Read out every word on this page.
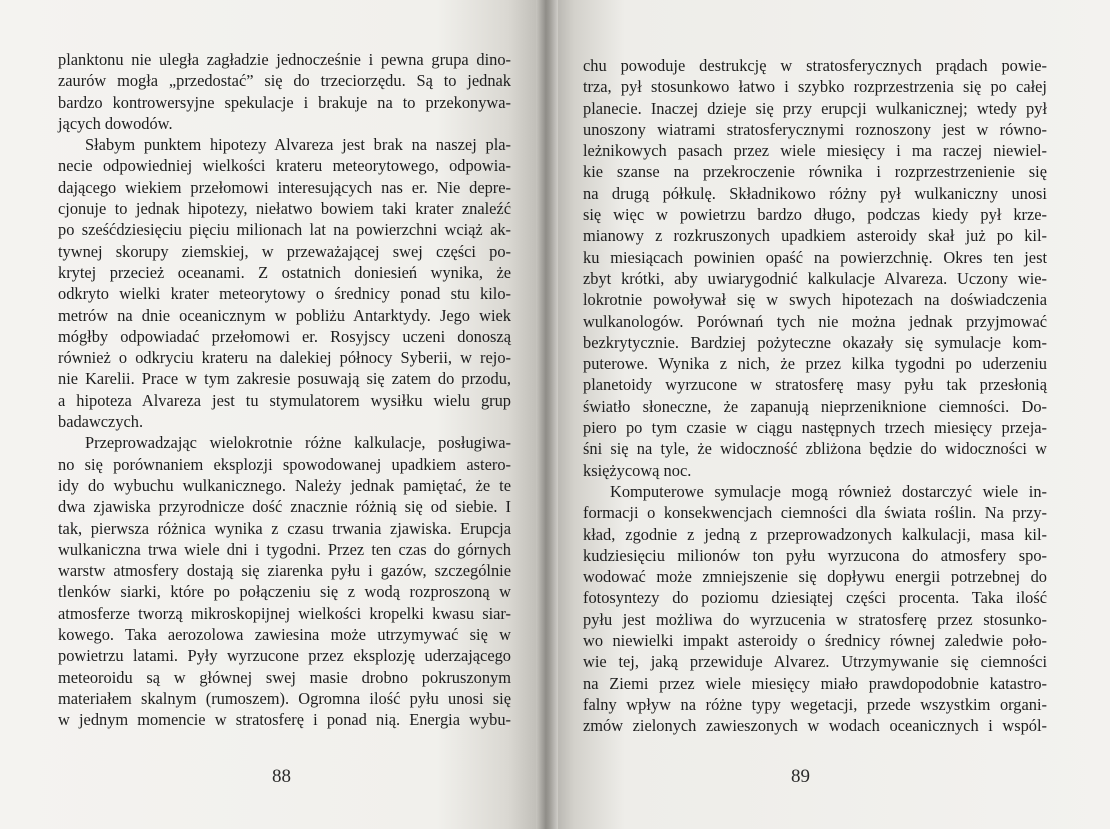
planktonu nie uległa zagładzie jednocześnie i pewna grupa dino-
zaurów mogła „przedostać” się do trzeciorzędu. Są to jednak
bardzo kontrowersyjne spekulacje i brakuje na to przekonywa-
jących dowodów.
Słabym punktem hipotezy Alvareza jest brak na naszej pla-
necie odpowiedniej wielkości krateru meteorytowego, odpowia-
dającego wiekiem przełomowi interesujących nas er. Nie depre-
cjonuje to jednak hipotezy, niełatwo bowiem taki krater znaleźć
po sześćdziesięciu pięciu milionach lat na powierzchni wciąż ak-
tywnej skorupy ziemskiej, w przeważającej swej części po-
krytej przecież oceanami. Z ostatnich doniesień wynika, że
odkryto wielki krater meteorytowy o średnicy ponad stu kilo-
metrów na dnie oceanicznym w pobliżu Antarktydy. Jego wiek
mógłby odpowiadać przełomowi er. Rosyjscy uczeni donoszą
również o odkryciu krateru na dalekiej północy Syberii, w rejo-
nie Karelii. Prace w tym zakresie posuwają się zatem do przodu,
a hipoteza Alvareza jest tu stymulatorem wysiłku wielu grup
badawczych.
Przeprowadzając wielokrotnie różne kalkulacje, posługiwa-
no się porównaniem eksplozji spowodowanej upadkiem astero-
idy do wybuchu wulkanicznego. Należy jednak pamiętać, że te
dwa zjawiska przyrodnicze dość znacznie różnią się od siebie. I
tak, pierwsza różnica wynika z czasu trwania zjawiska. Erupcja
wulkaniczna trwa wiele dni i tygodni. Przez ten czas do górnych
warstw atmosfery dostają się ziarenka pyłu i gazów, szczególnie
tlenków siarki, które po połączeniu się z wodą rozproszoną w
atmosferze tworzą mikroskopijnej wielkości kropelki kwasu siar-
kowego. Taka aerozolowa zawiesina może utrzymywać się w
powietrzu latami. Pyły wyrzucone przez eksplozję uderzającego
meteoroidu są w głównej swej masie drobno pokruszonym
materiałem skalnym (rumoszem). Ogromna ilość pyłu unosi się
w jednym momencie w stratosferę i ponad nią. Energia wybu-
88
chu powoduje destrukcję w stratosferycznych prądach powie-
trza, pył stosunkowo łatwo i szybko rozprzestrzenia się po całej
planecie. Inaczej dzieje się przy erupcji wulkanicznej; wtedy pył
unoszony wiatrami stratosferycznymi roznoszony jest w równo-
leżnikowych pasach przez wiele miesięcy i ma raczej niewiel-
kie szanse na przekroczenie równika i rozprzestrzenienie się
na drugą półkulę. Składnikowo różny pył wulkaniczny unosi
się więc w powietrzu bardzo długo, podczas kiedy pył krze-
mianowy z rozkruszonych upadkiem asteroidy skał już po kil-
ku miesiącach powinien opaść na powierzchnię. Okres ten jest
zbyt krótki, aby uwiarygodnić kalkulacje Alvareza. Uczony wie-
lokrotnie powoływał się w swych hipotezach na doświadczenia
wulkanologów. Porównań tych nie można jednak przyjmować
bezkrytycznie. Bardziej pożyteczne okazały się symulacje kom-
puterowe. Wynika z nich, że przez kilka tygodni po uderzeniu
planetoidy wyrzucone w stratosferę masy pyłu tak przesłonią
światło słoneczne, że zapanują nieprzeniknione ciemności. Do-
piero po tym czasie w ciągu następnych trzech miesięcy przeja-
śni się na tyle, że widoczność zbliżona będzie do widoczności w
księżycową noc.
Komputerowe symulacje mogą również dostarczyć wiele in-
formacji o konsekwencjach ciemności dla świata roślin. Na przy-
kład, zgodnie z jedną z przeprowadzonych kalkulacji, masa kil-
kudziesięciu milionów ton pyłu wyrzucona do atmosfery spo-
wodować może zmniejszenie się dopływu energii potrzebnej do
fotosyntezy do poziomu dziesiątej części procenta. Taka ilość
pyłu jest możliwa do wyrzucenia w stratosferę przez stosunko-
wo niewielki impakt asteroidy o średnicy równej zaledwie poło-
wie tej, jaką przewiduje Alvarez. Utrzymywanie się ciemności
na Ziemi przez wiele miesięcy miało prawdopodobnie katastro-
falny wpływ na różne typy wegetacji, przede wszystkim organi-
zmów zielonych zawieszonych w wodach oceanicznych i wspól-
89
